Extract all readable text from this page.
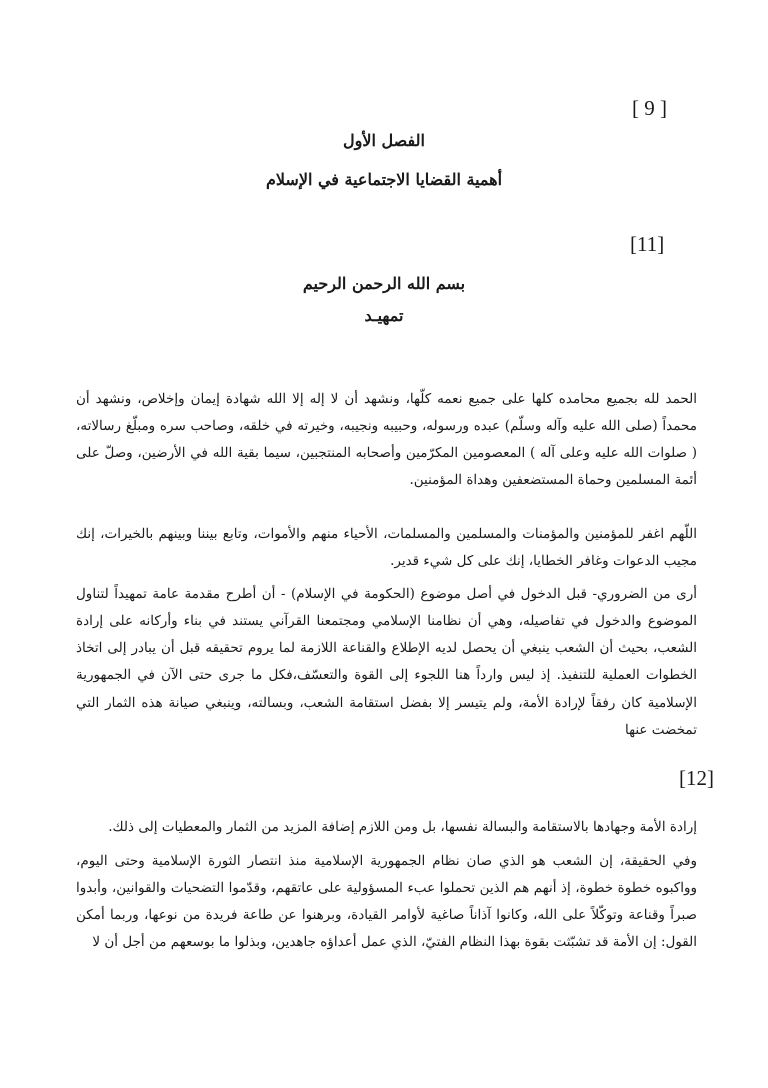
[ 9 ]
الفصل الأول
أهمية القضايا الاجتماعية في الإسلام
[11]
بسم الله الرحمن الرحيم
تمهيـد

الحمد لله بجميع محامده كلها على جميع نعمه كلّها، ونشهد أن لا إله إلا الله شهادة إيمان وإخلاص، ونشهد أن محمداً (صلى الله عليه وآله وسلّم) عبده ورسوله، وحبيبه ونجيبه، وخيرته في خلقه، وصاحب سره ومبلّغ رسالاته، ( صلوات الله عليه وعلى آله ) المعصومين المكرّمين وأصحابه المنتجبين، سيما بقية الله في الأرضين، وصلّ على أئمة المسلمين وحماة المستضعفين وهداة المؤمنين.

اللّهم اغفر للمؤمنين والمؤمنات والمسلمين والمسلمات، الأحياء منهم والأموات، وتابع بيننا وبينهم بالخيرات، إنك مجيب الدعوات وغافر الخطايا، إنك على كل شيء قدير.

أرى من الضروري- قبل الدخول في أصل موضوع (الحكومة في الإسلام) - أن أطرح مقدمة عامة تمهيداً لتناول الموضوع والدخول في تفاصيله، وهي أن نظامنا الإسلامي ومجتمعنا القرآني يستند في بناء وأركانه على إرادة الشعب، بحيث أن الشعب ينبغي أن يحصل لديه الإطلاع والقناعة اللازمة لما يروم تحقيقه قبل أن يبادر إلى اتخاذ الخطوات العملية للتنفيذ. إذ ليس وارداً هنا اللجوء إلى القوة والتعسّف،فكل ما جرى حتى الآن في الجمهورية الإسلامية كان رفقاً لإرادة الأمة، ولم يتيسر إلا بفضل استقامة الشعب، وبسالته، وينبغي صيانة هذه الثمار التي تمخضت عنها

[12]

إرادة الأمة وجهادها بالاستقامة والبسالة نفسها، بل ومن اللازم إضافة المزيد من الثمار والمعطيات إلى ذلك.

وفي الحقيقة، إن الشعب هو الذي صان نظام الجمهورية الإسلامية منذ انتصار الثورة الإسلامية وحتى اليوم، وواكبوه خطوة خطوة، إذ أنهم هم الذين تحملوا عبء المسؤولية على عاتقهم، وقدّموا التضحيات والقوانين، وأبدوا صبراً وقناعة وتوكّلاً على الله، وكانوا آذاناً صاغية لأوامر القيادة، وبرهنوا عن طاعة فريدة من نوعها، وربما أمكن القول: إن الأمة قد تشبّثت بقوة بهذا النظام الفتيّ، الذي عمل أعداؤه جاهدين، وبذلوا ما بوسعهم من أجل أن لا
